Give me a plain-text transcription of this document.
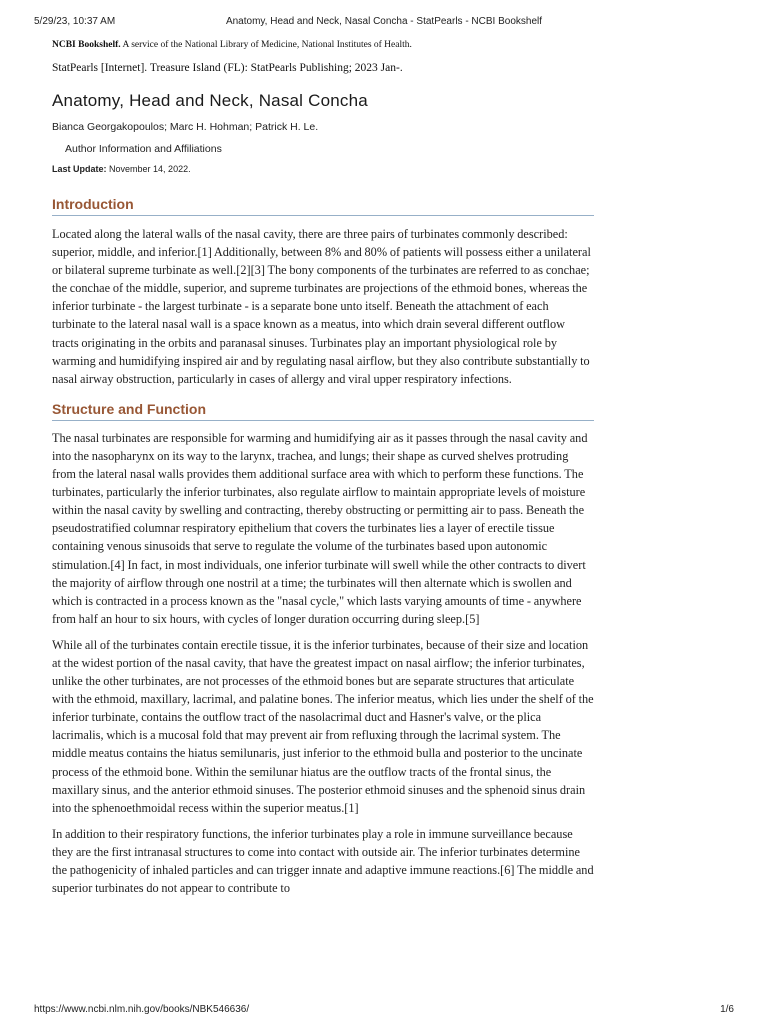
5/29/23, 10:37 AM	Anatomy, Head and Neck, Nasal Concha - StatPearls - NCBI Bookshelf
NCBI Bookshelf. A service of the National Library of Medicine, National Institutes of Health.
StatPearls [Internet]. Treasure Island (FL): StatPearls Publishing; 2023 Jan-.
Anatomy, Head and Neck, Nasal Concha
Bianca Georgakopoulos; Marc H. Hohman; Patrick H. Le.
Author Information and Affiliations
Last Update: November 14, 2022.
Introduction

Located along the lateral walls of the nasal cavity, there are three pairs of turbinates commonly described: superior, middle, and inferior.[1] Additionally, between 8% and 80% of patients will possess either a unilateral or bilateral supreme turbinate as well.[2][3] The bony components of the turbinates are referred to as conchae; the conchae of the middle, superior, and supreme turbinates are projections of the ethmoid bones, whereas the inferior turbinate - the largest turbinate - is a separate bone unto itself. Beneath the attachment of each turbinate to the lateral nasal wall is a space known as a meatus, into which drain several different outflow tracts originating in the orbits and paranasal sinuses. Turbinates play an important physiological role by warming and humidifying inspired air and by regulating nasal airflow, but they also contribute substantially to nasal airway obstruction, particularly in cases of allergy and viral upper respiratory infections.

Structure and Function

The nasal turbinates are responsible for warming and humidifying air as it passes through the nasal cavity and into the nasopharynx on its way to the larynx, trachea, and lungs; their shape as curved shelves protruding from the lateral nasal walls provides them additional surface area with which to perform these functions. The turbinates, particularly the inferior turbinates, also regulate airflow to maintain appropriate levels of moisture within the nasal cavity by swelling and contracting, thereby obstructing or permitting air to pass. Beneath the pseudostratified columnar respiratory epithelium that covers the turbinates lies a layer of erectile tissue containing venous sinusoids that serve to regulate the volume of the turbinates based upon autonomic stimulation.[4] In fact, in most individuals, one inferior turbinate will swell while the other contracts to divert the majority of airflow through one nostril at a time; the turbinates will then alternate which is swollen and which is contracted in a process known as the "nasal cycle," which lasts varying amounts of time - anywhere from half an hour to six hours, with cycles of longer duration occurring during sleep.[5]

While all of the turbinates contain erectile tissue, it is the inferior turbinates, because of their size and location at the widest portion of the nasal cavity, that have the greatest impact on nasal airflow; the inferior turbinates, unlike the other turbinates, are not processes of the ethmoid bones but are separate structures that articulate with the ethmoid, maxillary, lacrimal, and palatine bones. The inferior meatus, which lies under the shelf of the inferior turbinate, contains the outflow tract of the nasolacrimal duct and Hasner's valve, or the plica lacrimalis, which is a mucosal fold that may prevent air from refluxing through the lacrimal system. The middle meatus contains the hiatus semilunaris, just inferior to the ethmoid bulla and posterior to the uncinate process of the ethmoid bone. Within the semilunar hiatus are the outflow tracts of the frontal sinus, the maxillary sinus, and the anterior ethmoid sinuses. The posterior ethmoid sinuses and the sphenoid sinus drain into the sphenoethmoidal recess within the superior meatus.[1]

In addition to their respiratory functions, the inferior turbinates play a role in immune surveillance because they are the first intranasal structures to come into contact with outside air. The inferior turbinates determine the pathogenicity of inhaled particles and can trigger innate and adaptive immune reactions.[6] The middle and superior turbinates do not appear to contribute to

https://www.ncbi.nlm.nih.gov/books/NBK546636/	1/6
